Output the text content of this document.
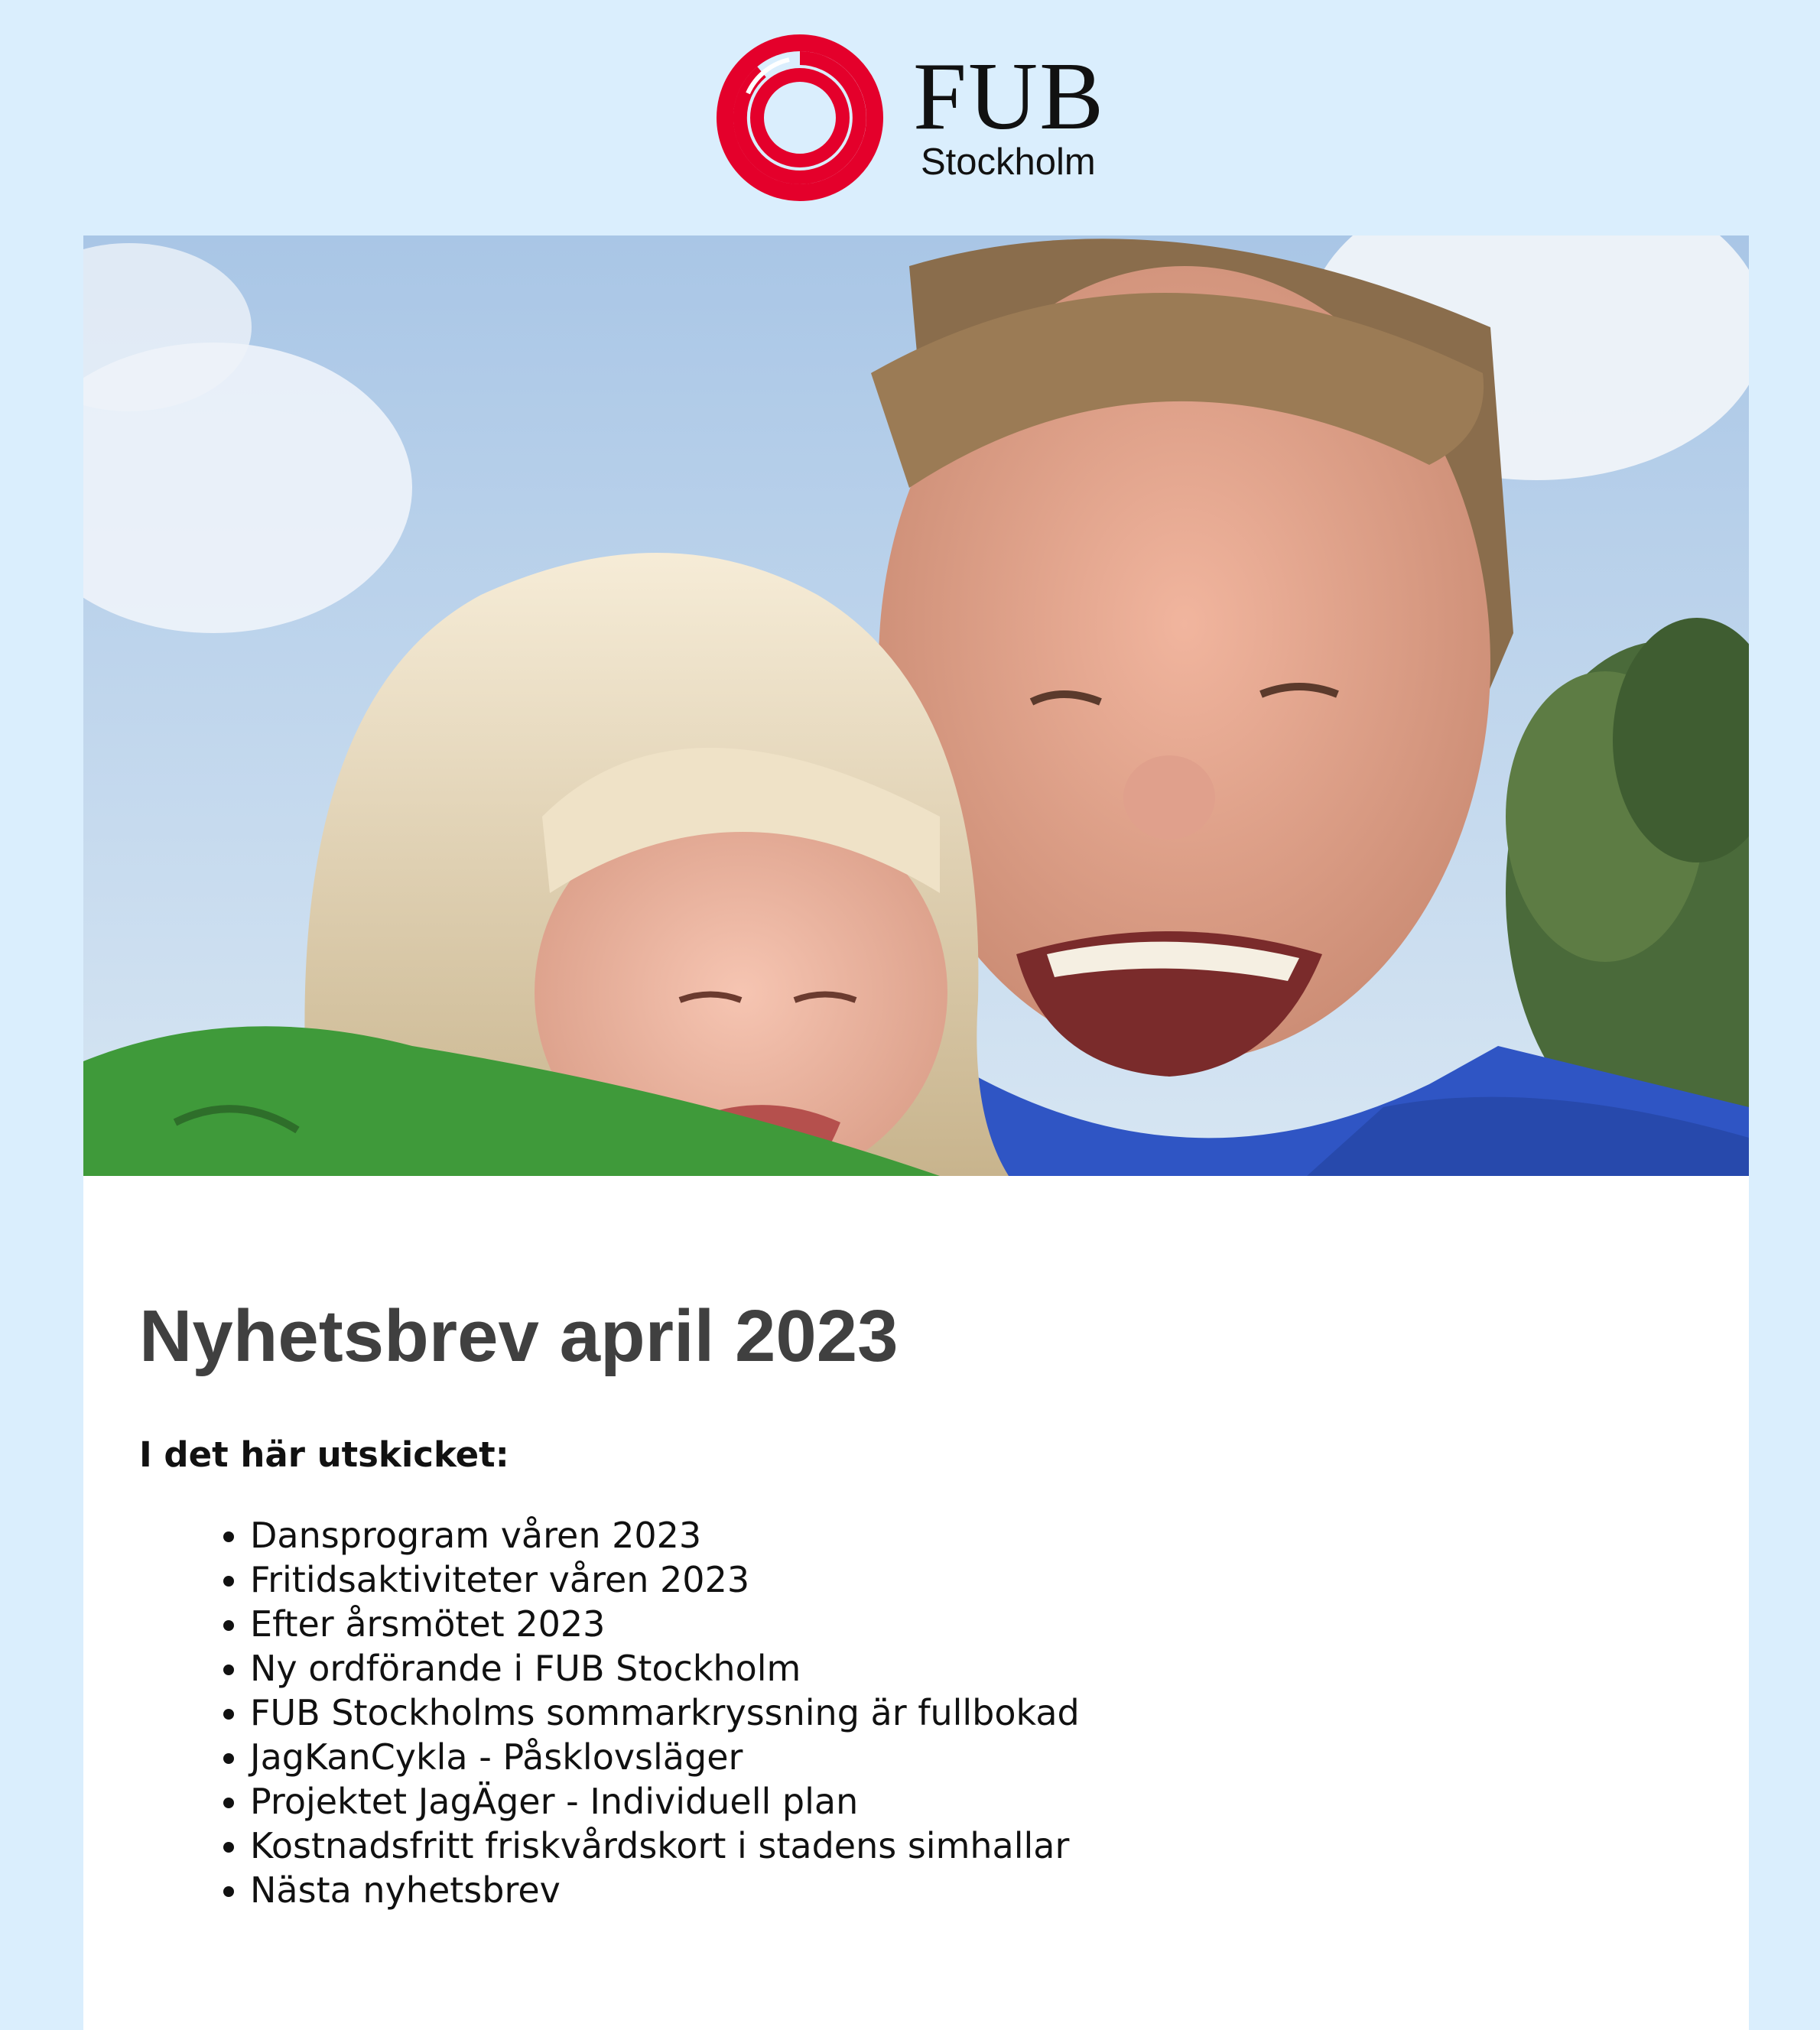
FUB
Stockholm
Nyhetsbrev april 2023

I det här utskicket:

• Dansprogram våren 2023
• Fritidsaktiviteter våren 2023
• Efter årsmötet 2023
• Ny ordförande i FUB Stockholm
• FUB Stockholms sommarkryssning är fullbokad
• JagKanCykla - Påsklovsläger
• Projektet JagÄger - Individuell plan
• Kostnadsfritt friskvårdskort i stadens simhallar
• Nästa nyhetsbrev
